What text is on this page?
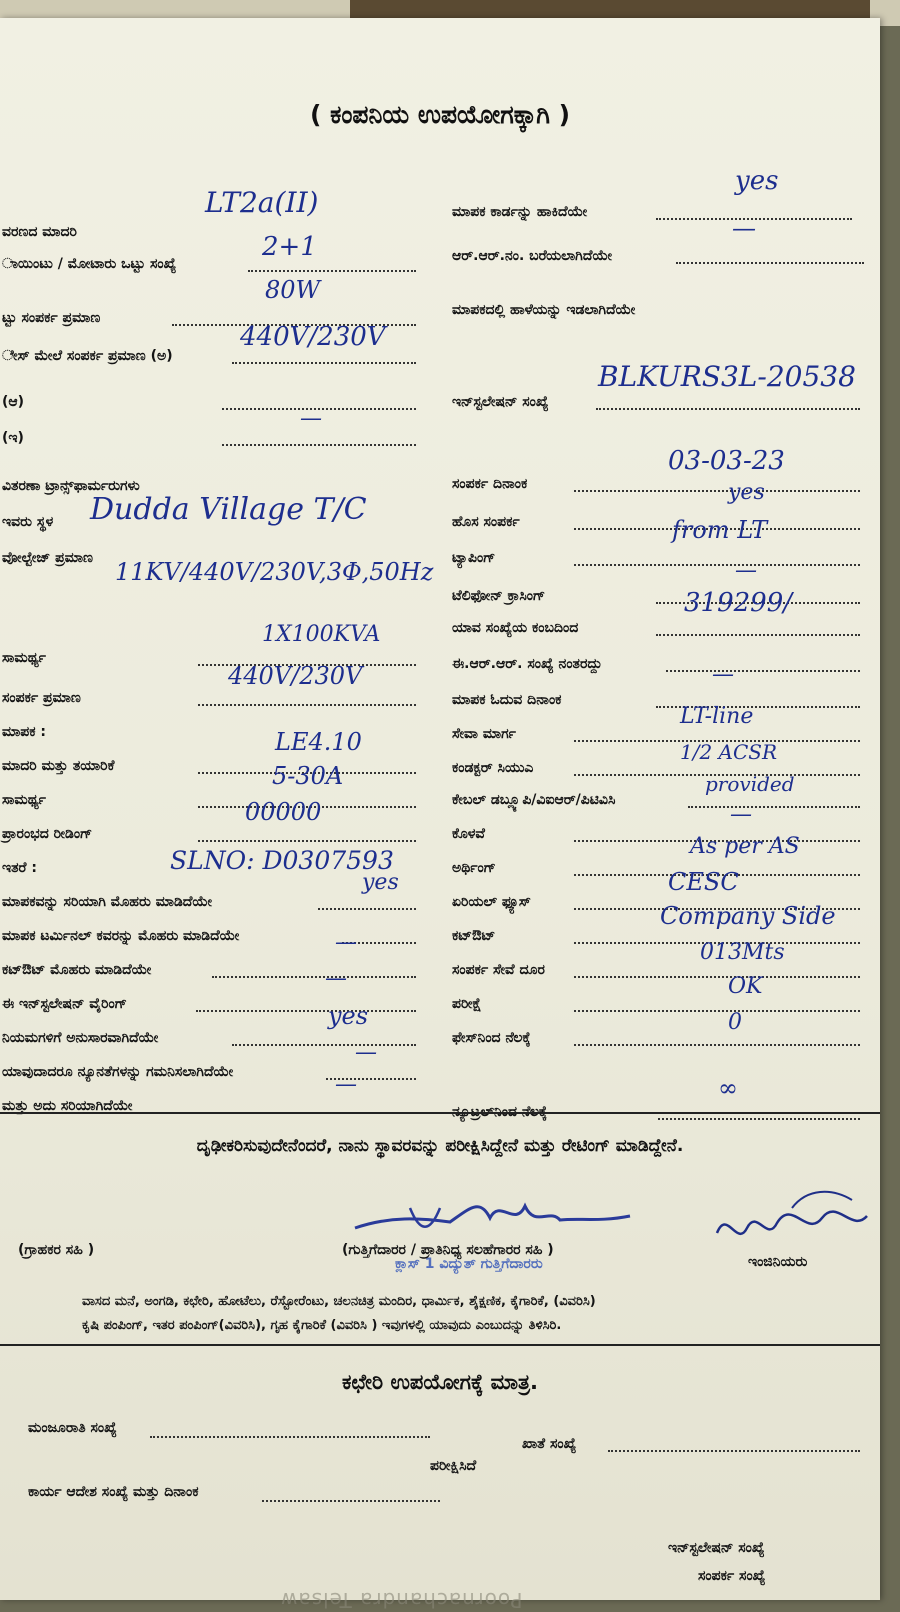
( ಕಂಪನಿಯ ಉಪಯೋಗಕ್ಕಾಗಿ )
ವರಣದ ಮಾದರಿ
LT2a(II)
ಾಯಿಂಟು / ಮೋಟಾರು ಒಟ್ಟು ಸಂಖ್ಯೆ
2+1
ಟ್ಟು ಸಂಪರ್ಕ ಪ್ರಮಾಣ
80W
ೇಸ್ ಮೇಲೆ ಸಂಪರ್ಕ ಪ್ರಮಾಣ (ಅ)
440V/230V
(ಆ)
(ಇ)
—
ವಿತರಣಾ ಟ್ರಾನ್ಸ್‌ಫಾರ್ಮರುಗಳು
ಇವರು ಸ್ಥಳ Dudda Village T/C
ವೋಲ್ಟೇಜ್ ಪ್ರಮಾಣ 11KV/440V/230V,3Φ,50Hz
ಸಾಮರ್ಥ್ಯ
1X100KVA
ಸಂಪರ್ಕ ಪ್ರಮಾಣ
440V/230V
ಮಾಪಕ :
ಮಾದರಿ ಮತ್ತು ತಯಾರಿಕೆ
LE4.10
ಸಾಮರ್ಥ್ಯ
5-30A
ಪ್ರಾರಂಭದ ರೀಡಿಂಗ್
00000
ಇತರೆ :	SLNO: D0307593
ಮಾಪಕವನ್ನು ಸರಿಯಾಗಿ ಮೊಹರು ಮಾಡಿದೆಯೇ
yes
ಮಾಪಕ ಟರ್ಮಿನಲ್ ಕವರನ್ನು ಮೊಹರು ಮಾಡಿದೆಯೇ
ಕಟ್‌ಔಟ್ ಮೊಹರು ಮಾಡಿದೆಯೇ
—
ಈ ಇನ್‌ಸ್ಟಲೇಷನ್ ವೈರಿಂಗ್
—
ನಿಯಮಗಳಿಗೆ ಅನುಸಾರವಾಗಿದೆಯೇ
yes
ಯಾವುದಾದರೂ ನ್ಯೂನತೆಗಳನ್ನು ಗಮನಿಸಲಾಗಿದೆಯೇ
—
ಮತ್ತು ಅದು ಸರಿಯಾಗಿದೆಯೇ
—
ಮಾಪಕ ಕಾರ್ಡನ್ನು ಹಾಕಿದೆಯೇ
yes
ಆರ್.ಆರ್.ನಂ. ಬರೆಯಲಾಗಿದೆಯೇ
—
ಮಾಪಕದಲ್ಲಿ ಹಾಳೆಯನ್ನು ಇಡಲಾಗಿದೆಯೇ
ಇನ್‌ಸ್ಟಲೇಷನ್ ಸಂಖ್ಯೆ
BLKURS3L-20538
ಸಂಪರ್ಕ ದಿನಾಂಕ
03-03-23
ಹೊಸ ಸಂಪರ್ಕ
yes
ಟ್ಯಾಪಿಂಗ್
from LT
ಟೆಲಿಫೋನ್ ಕ್ರಾಸಿಂಗ್
—
ಯಾವ ಸಂಖ್ಯೆಯ ಕಂಬದಿಂದ
319299/
ಈ.ಆರ್.ಆರ್. ಸಂಖ್ಯೆ ನಂತರದ್ದು
ಮಾಪಕ ಓದುವ ದಿನಾಂಕ
—
ಸೇವಾ ಮಾರ್ಗ
LT-line
ಕಂಡಕ್ಟರ್ ಸಿಯುಎ
1/2 ACSR
ಕೇಬಲ್ ಡಬ್ಲ್ಯೂಪಿ/ವಿಐಆರ್/ಪಿಟಿವಿಸಿ
provided
ಕೊಳವೆ
—
ಅರ್ಥಿಂಗ್
As per AS
ಏರಿಯಲ್ ಫ್ಯೂಸ್
CESC
ಕಟ್‌ಔಟ್
Company Side
ಸಂಪರ್ಕ ಸೇವೆ ದೂರ
013Mts
ಪರೀಕ್ಷೆ
OK
ಫೇಸ್‌ನಿಂದ ನೆಲಕ್ಕೆ
0
ನ್ಯೂಟ್ರಲ್‌ನಿಂದ ನೆಲಕ್ಕೆ
∞
ದೃಢೀಕರಿಸುವುದೇನೆಂದರೆ, ನಾನು ಸ್ಥಾವರವನ್ನು ಪರೀಕ್ಷಿಸಿದ್ದೇನೆ ಮತ್ತು ರೇಟಿಂಗ್ ಮಾಡಿದ್ದೇನೆ.
ಕ್ಲಾಸ್ 1 ವಿದ್ಯುತ್ ಗುತ್ತಿಗೆದಾರರು
(ಗ್ರಾಹಕರ ಸಹಿ )	(ಗುತ್ತಿಗೆದಾರರ / ಪ್ರಾತಿನಿಧ್ಯ ಸಲಹೆಗಾರರ ಸಹಿ )
ಇಂಜಿನಿಯರು
ವಾಸದ ಮನೆ, ಅಂಗಡಿ, ಕಛೇರಿ, ಹೋಟೆಲು, ರೆಸ್ಟೋರೆಂಟು, ಚಲನಚಿತ್ರ ಮಂದಿರ, ಧಾರ್ಮಿಕ, ಶೈಕ್ಷಣಿಕ, ಕೈಗಾರಿಕೆ, (ವಿವರಿಸಿ)
ಕೃಷಿ ಪಂಪಿಂಗ್, ಇತರ ಪಂಪಿಂಗ್(ವಿವರಿಸಿ), ಗೃಹ ಕೈಗಾರಿಕೆ (ವಿವರಿಸಿ ) ಇವುಗಳಲ್ಲಿ ಯಾವುದು ಎಂಬುದನ್ನು ತಿಳಿಸಿರಿ.
ಕಛೇರಿ ಉಪಯೋಗಕ್ಕೆ ಮಾತ್ರ.
ಮಂಜೂರಾತಿ ಸಂಖ್ಯೆ
ಖಾತೆ ಸಂಖ್ಯೆ
ಪರೀಕ್ಷಿಸಿದೆ
ಕಾರ್ಯ ಆದೇಶ ಸಂಖ್ಯೆ ಮತ್ತು ದಿನಾಂಕ
ಇನ್‌ಸ್ಟಲೇಷನ್ ಸಂಖ್ಯೆ
ಸಂಪರ್ಕ ಸಂಖ್ಯೆ
Poornachandra Telsaw
